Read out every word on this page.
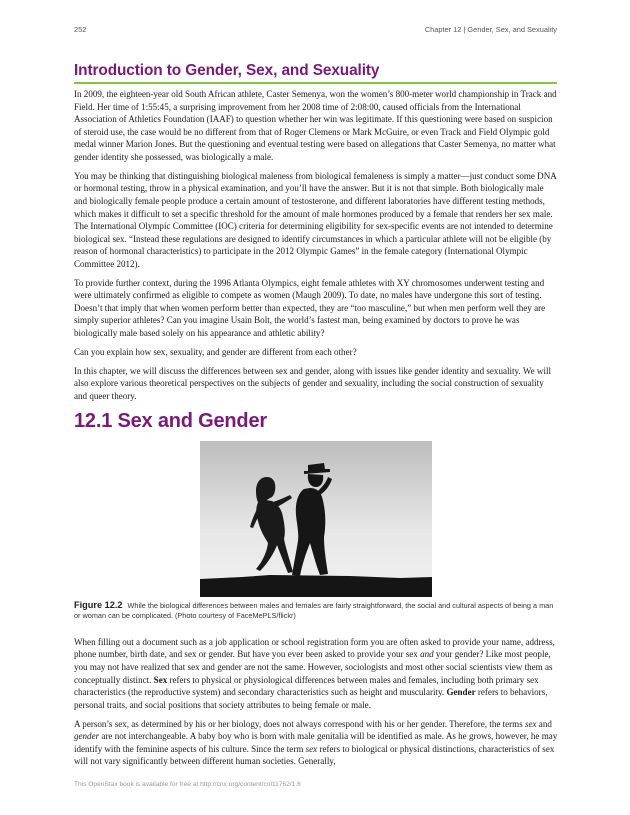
252	Chapter 12 | Gender, Sex, and Sexuality
Introduction to Gender, Sex, and Sexuality

In 2009, the eighteen-year old South African athlete, Caster Semenya, won the women’s 800-meter world championship in Track and Field. Her time of 1:55:45, a surprising improvement from her 2008 time of 2:08:00, caused officials from the International Association of Athletics Foundation (IAAF) to question whether her win was legitimate. If this questioning were based on suspicion of steroid use, the case would be no different from that of Roger Clemens or Mark McGuire, or even Track and Field Olympic gold medal winner Marion Jones. But the questioning and eventual testing were based on allegations that Caster Semenya, no matter what gender identity she possessed, was biologically a male.

You may be thinking that distinguishing biological maleness from biological femaleness is simply a matter—just conduct some DNA or hormonal testing, throw in a physical examination, and you’ll have the answer. But it is not that simple. Both biologically male and biologically female people produce a certain amount of testosterone, and different laboratories have different testing methods, which makes it difficult to set a specific threshold for the amount of male hormones produced by a female that renders her sex male. The International Olympic Committee (IOC) criteria for determining eligibility for sex-specific events are not intended to determine biological sex. “Instead these regulations are designed to identify circumstances in which a particular athlete will not be eligible (by reason of hormonal characteristics) to participate in the 2012 Olympic Games” in the female category (International Olympic Committee 2012).

To provide further context, during the 1996 Atlanta Olympics, eight female athletes with XY chromosomes underwent testing and were ultimately confirmed as eligible to compete as women (Maugh 2009). To date, no males have undergone this sort of testing. Doesn’t that imply that when women perform better than expected, they are “too masculine,” but when men perform well they are simply superior athletes? Can you imagine Usain Bolt, the world’s fastest man, being examined by doctors to prove he was biologically male based solely on his appearance and athletic ability?

Can you explain how sex, sexuality, and gender are different from each other?

In this chapter, we will discuss the differences between sex and gender, along with issues like gender identity and sexuality. We will also explore various theoretical perspectives on the subjects of gender and sexuality, including the social construction of sexuality and queer theory.

12.1 Sex and Gender
Figure 12.2 While the biological differences between males and females are fairly straightforward, the social and cultural aspects of being a man or woman can be complicated. (Photo courtesy of FaceMePLS/flickr)

When filling out a document such as a job application or school registration form you are often asked to provide your name, address, phone number, birth date, and sex or gender. But have you ever been asked to provide your sex and your gender? Like most people, you may not have realized that sex and gender are not the same. However, sociologists and most other social scientists view them as conceptually distinct. Sex refers to physical or physiological differences between males and females, including both primary sex characteristics (the reproductive system) and secondary characteristics such as height and muscularity. Gender refers to behaviors, personal traits, and social positions that society attributes to being female or male.

A person’s sex, as determined by his or her biology, does not always correspond with his or her gender. Therefore, the terms sex and gender are not interchangeable. A baby boy who is born with male genitalia will be identified as male. As he grows, however, he may identify with the feminine aspects of his culture. Since the term sex refers to biological or physical distinctions, characteristics of sex will not vary significantly between different human societies. Generally,

This OpenStax book is available for free at http://cnx.org/content/col11762/1.6
